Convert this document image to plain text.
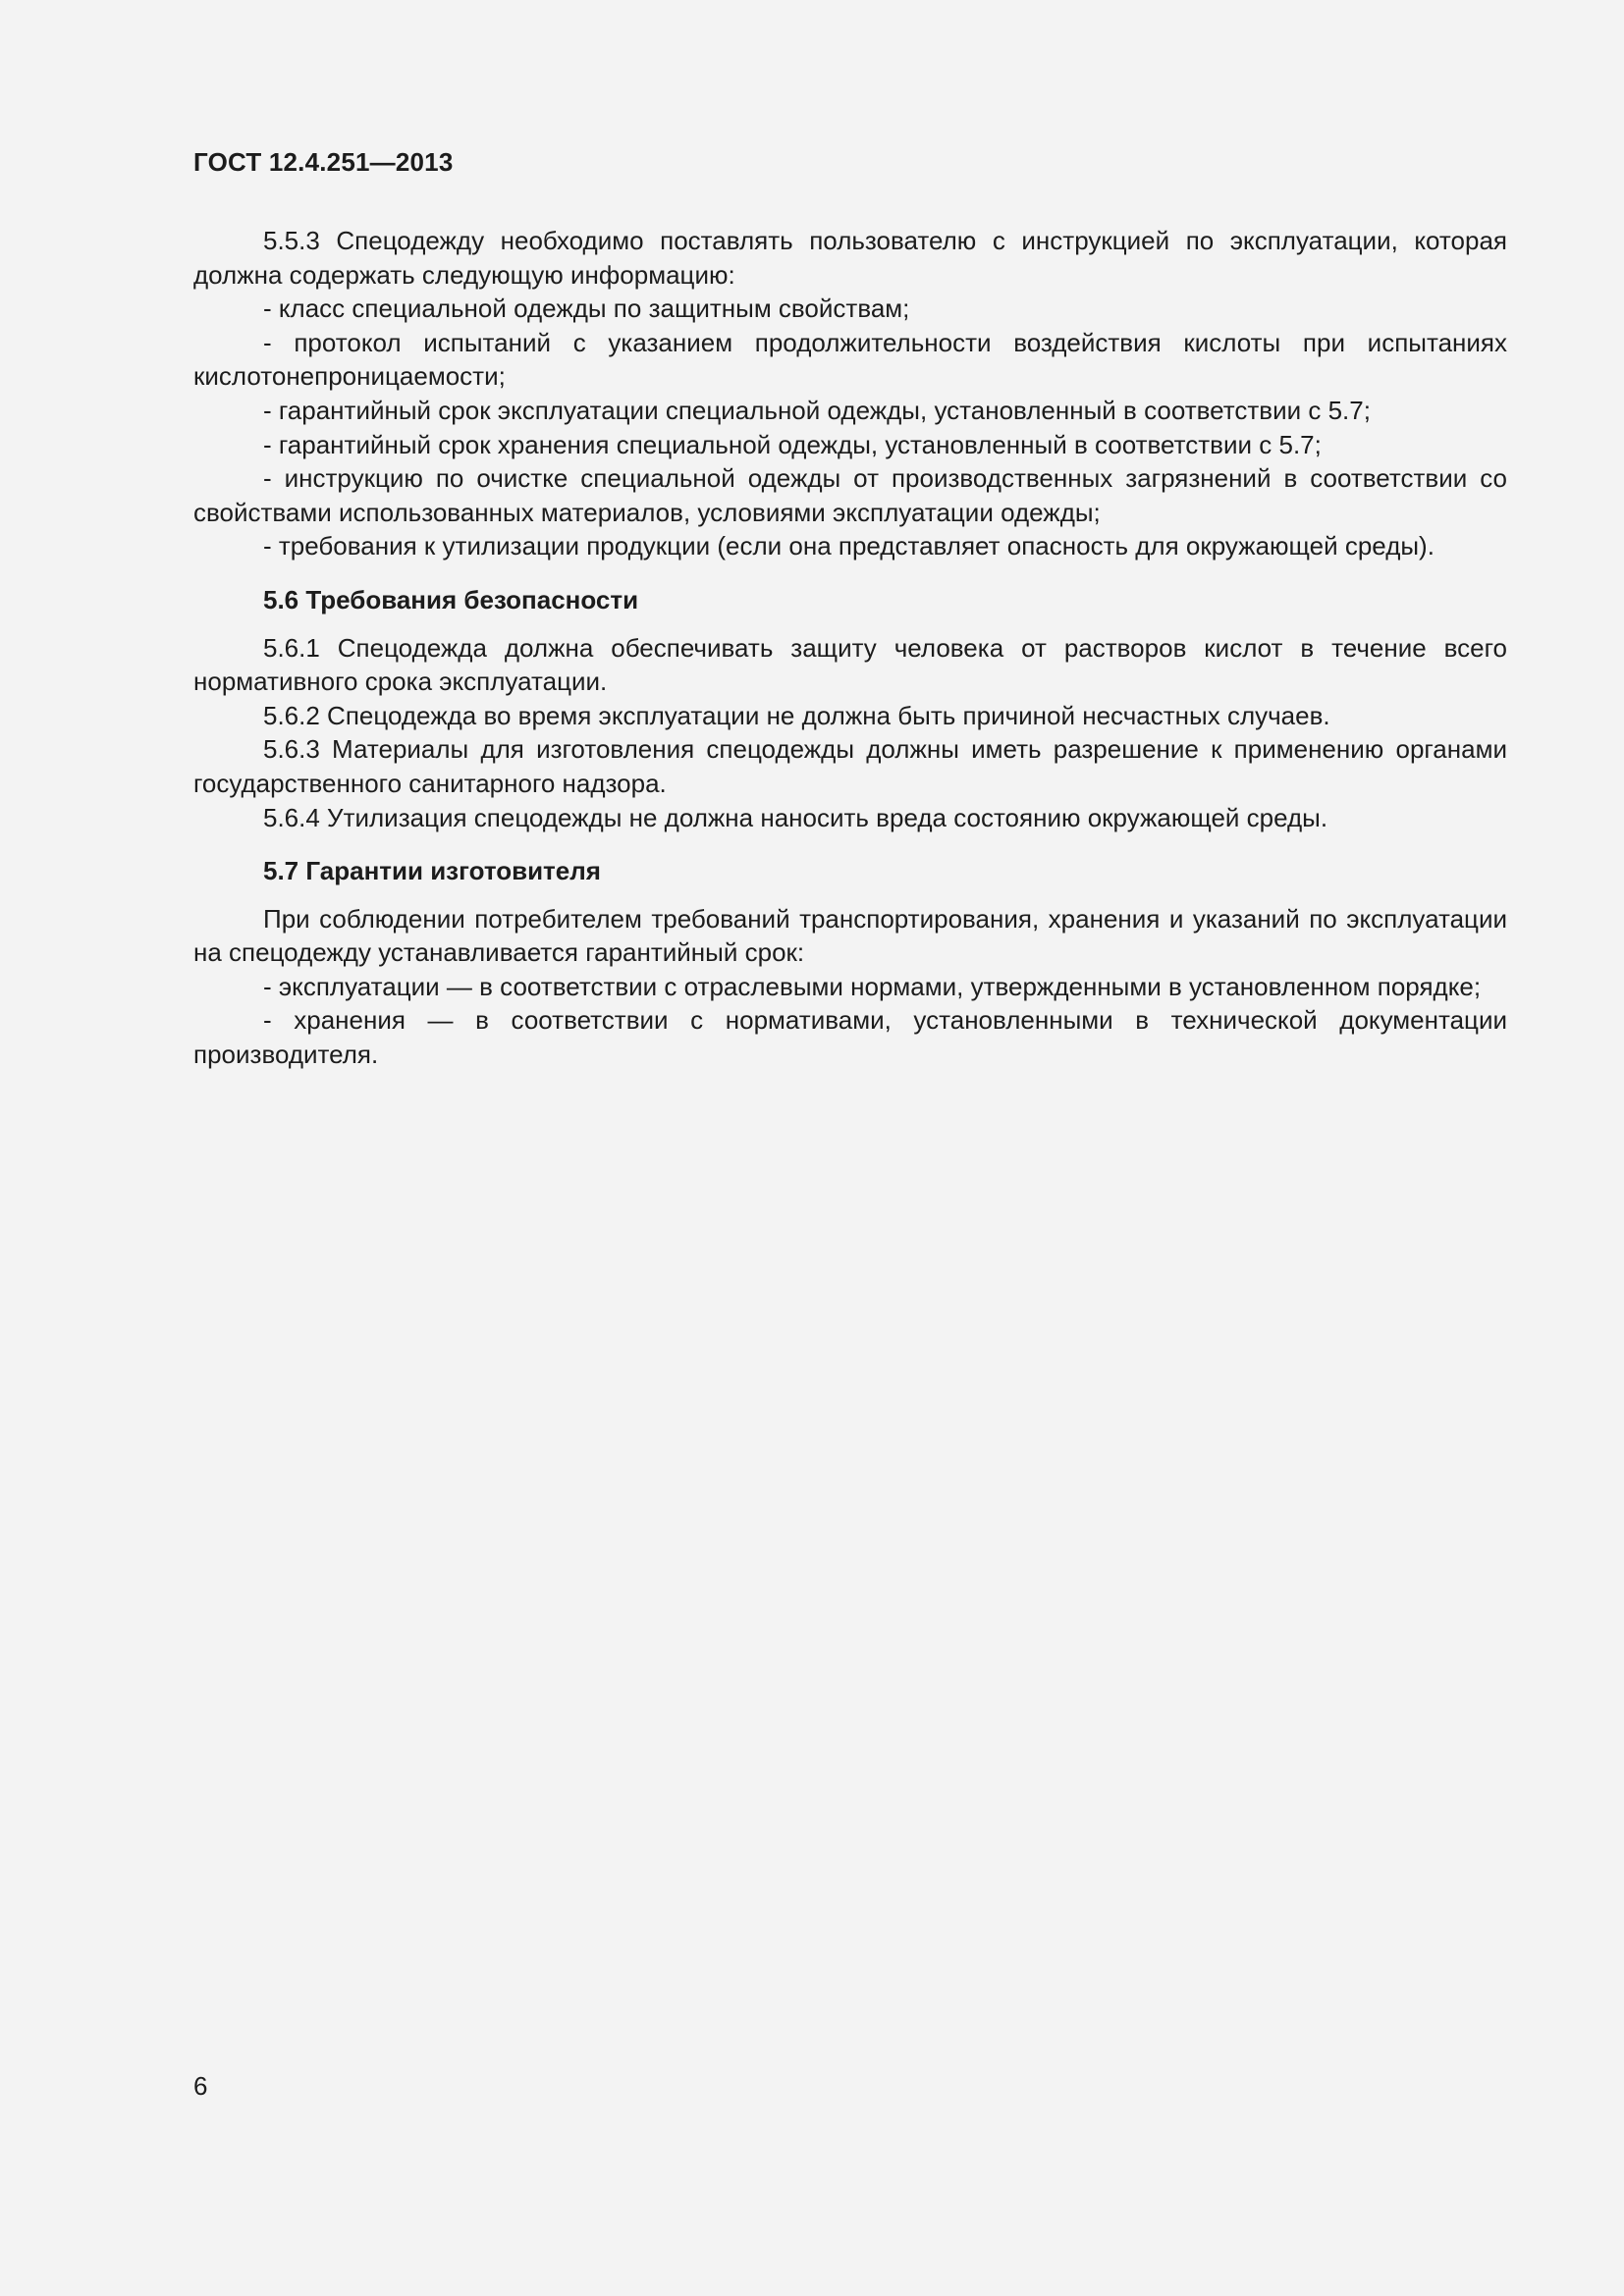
ГОСТ 12.4.251—2013

5.5.3 Спецодежду необходимо поставлять пользователю с инструкцией по эксплуатации, которая должна содержать следующую информацию:

- класс специальной одежды по защитным свойствам;

- протокол испытаний с указанием продолжительности воздействия кислоты при испытаниях кислотонепроницаемости;

- гарантийный срок эксплуатации специальной одежды, установленный в соответствии с 5.7;

- гарантийный срок хранения специальной одежды, установленный в соответствии с 5.7;

- инструкцию по очистке специальной одежды от производственных загрязнений в соответствии со свойствами использованных материалов, условиями эксплуатации одежды;

- требования к утилизации продукции (если она представляет опасность для окружающей среды).

5.6 Требования безопасности

5.6.1 Спецодежда должна обеспечивать защиту человека от растворов кислот в течение всего нормативного срока эксплуатации.

5.6.2 Спецодежда во время эксплуатации не должна быть причиной несчастных случаев.

5.6.3 Материалы для изготовления спецодежды должны иметь разрешение к применению органами государственного санитарного надзора.

5.6.4 Утилизация спецодежды не должна наносить вреда состоянию окружающей среды.

5.7 Гарантии изготовителя

При соблюдении потребителем требований транспортирования, хранения и указаний по эксплуатации на спецодежду устанавливается гарантийный срок:

- эксплуатации — в соответствии с отраслевыми нормами, утвержденными в установленном порядке;

- хранения — в соответствии с нормативами, установленными в технической документации производителя.

6
